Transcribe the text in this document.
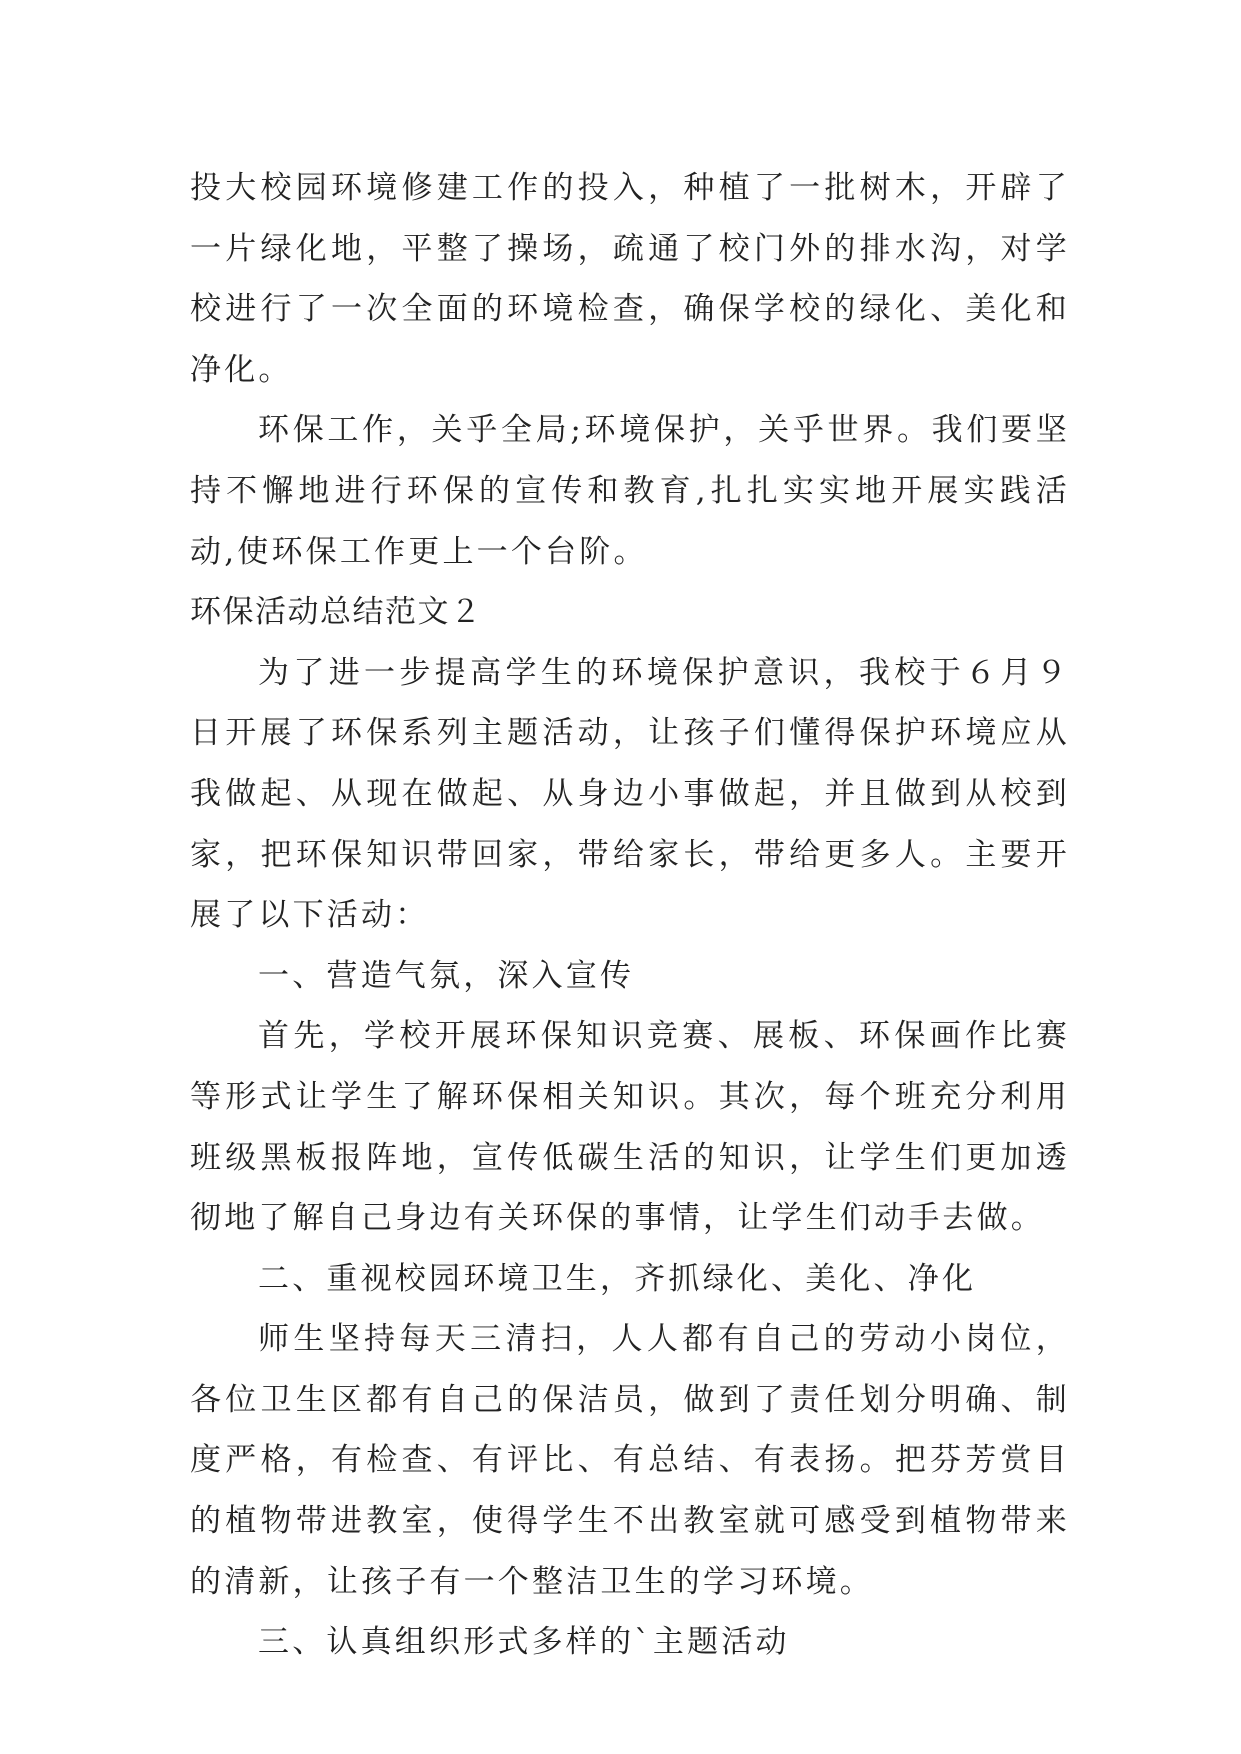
投大校园环境修建工作的投入，种植了一批树木，开辟了一片绿化地，平整了操场，疏通了校门外的排水沟，对学校进行了一次全面的环境检查，确保学校的绿化、美化和净化。

环保工作，关乎全局;环境保护，关乎世界。我们要坚持不懈地进行环保的宣传和教育,扎扎实实地开展实践活动,使环保工作更上一个台阶。

环保活动总结范文２

为了进一步提高学生的环境保护意识，我校于６月９日开展了环保系列主题活动，让孩子们懂得保护环境应从我做起、从现在做起、从身边小事做起，并且做到从校到家，把环保知识带回家，带给家长，带给更多人。主要开展了以下活动：

一、营造气氛，深入宣传

首先，学校开展环保知识竞赛、展板、环保画作比赛等形式让学生了解环保相关知识。其次，每个班充分利用班级黑板报阵地，宣传低碳生活的知识，让学生们更加透彻地了解自己身边有关环保的事情，让学生们动手去做。

二、重视校园环境卫生，齐抓绿化、美化、净化

师生坚持每天三清扫，人人都有自己的劳动小岗位，各位卫生区都有自己的保洁员，做到了责任划分明确、制度严格，有检查、有评比、有总结、有表扬。把芬芳赏目的植物带进教室，使得学生不出教室就可感受到植物带来的清新，让孩子有一个整洁卫生的学习环境。

三、认真组织形式多样的`主题活动
